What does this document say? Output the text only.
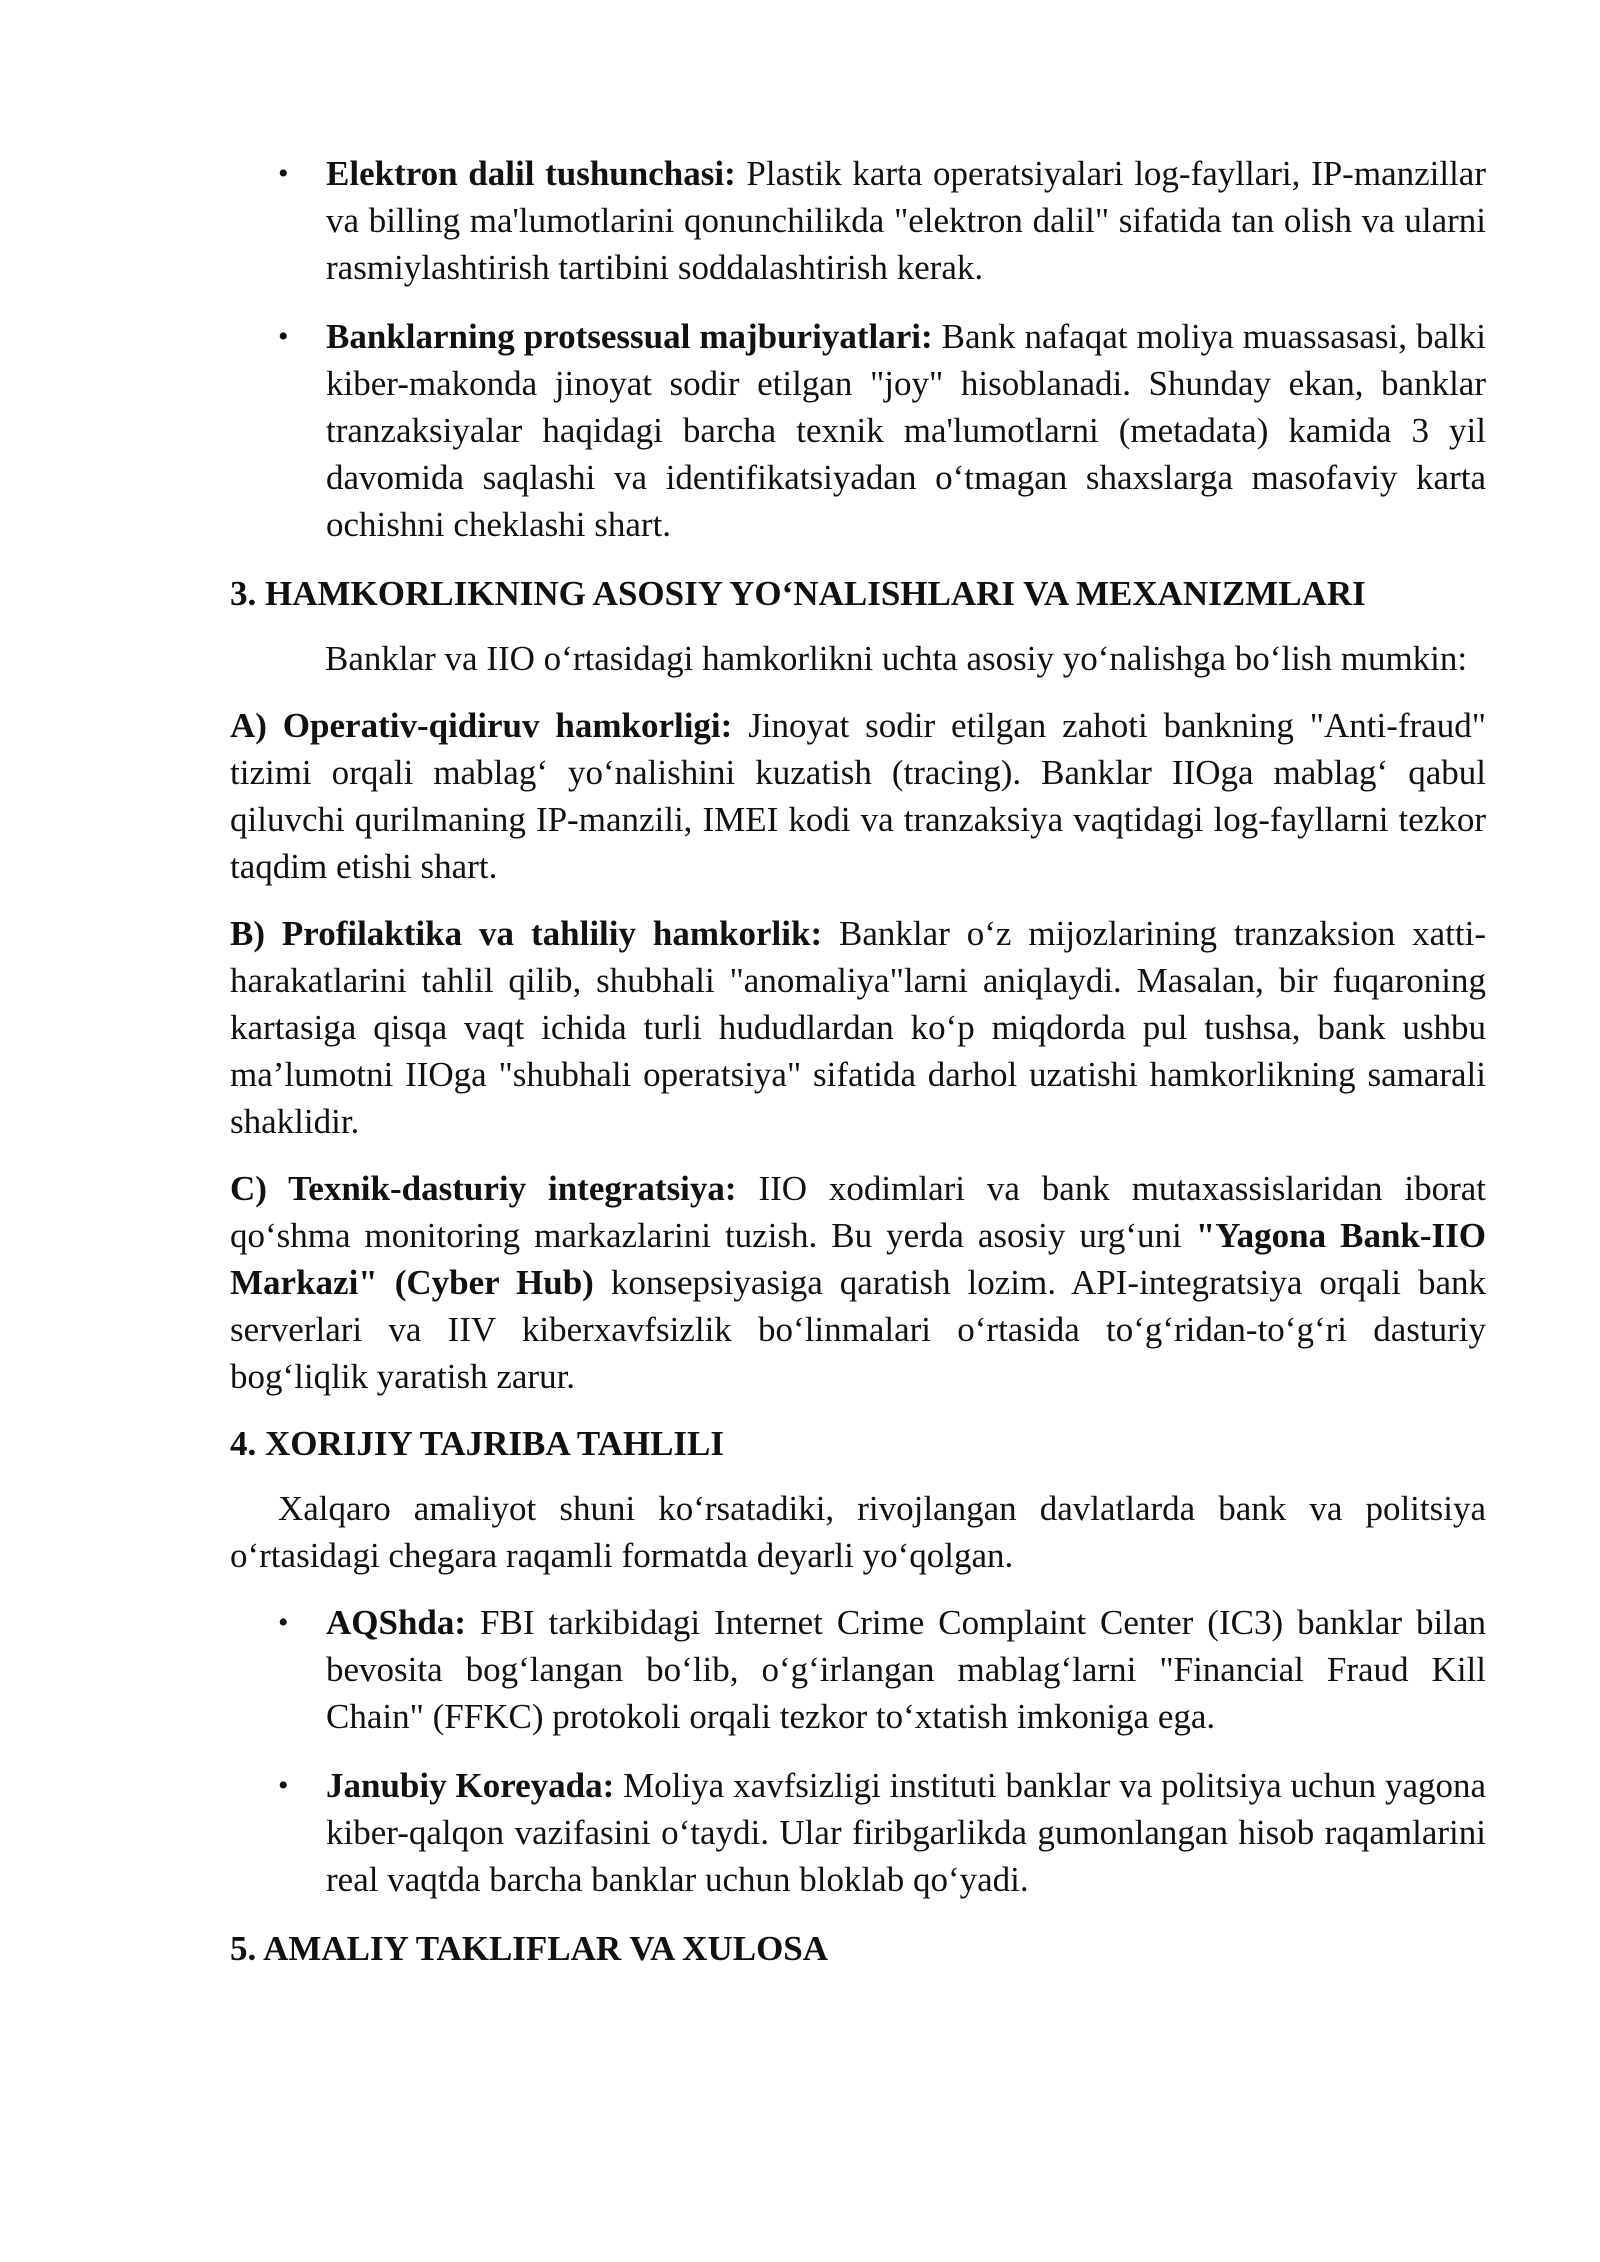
• Elektron dalil tushunchasi: Plastik karta operatsiyalari log-fayllari, IP-manzillar va billing ma'lumotlarini qonunchilikda "elektron dalil" sifatida tan olish va ularni rasmiylashtirish tartibini soddalashtirish kerak.
• Banklarning protsessual majburiyatlari: Bank nafaqat moliya muassasasi, balki kiber-makonda jinoyat sodir etilgan "joy" hisoblanadi. Shunday ekan, banklar tranzaksiyalar haqidagi barcha texnik ma'lumotlarni (metadata) kamida 3 yil davomida saqlashi va identifikatsiyadan o‘tmagan shaxslarga masofaviy karta ochishni cheklashi shart.
3. HAMKORLIKNING ASOSIY YO‘NALISHLARI VA MEXANIZMLARI

Banklar va IIO o‘rtasidagi hamkorlikni uchta asosiy yo‘nalishga bo‘lish mumkin:

A) Operativ-qidiruv hamkorligi: Jinoyat sodir etilgan zahoti bankning "Anti-fraud" tizimi orqali mablag‘ yo‘nalishini kuzatish (tracing). Banklar IIOga mablag‘ qabul qiluvchi qurilmaning IP-manzili, IMEI kodi va tranzaksiya vaqtidagi log-fayllarni tezkor taqdim etishi shart.

B) Profilaktika va tahliliy hamkorlik: Banklar o‘z mijozlarining tranzaksion xatti-harakatlarini tahlil qilib, shubhali "anomaliya"larni aniqlaydi. Masalan, bir fuqaroning kartasiga qisqa vaqt ichida turli hududlardan ko‘p miqdorda pul tushsa, bank ushbu ma’lumotni IIOga "shubhali operatsiya" sifatida darhol uzatishi hamkorlikning samarali shaklidir.

C) Texnik-dasturiy integratsiya: IIO xodimlari va bank mutaxassislaridan iborat qo‘shma monitoring markazlarini tuzish. Bu yerda asosiy urg‘uni "Yagona Bank-IIO Markazi" (Cyber Hub) konsepsiyasiga qaratish lozim. API-integratsiya orqali bank serverlari va IIV kiberxavfsizlik bo‘linmalari o‘rtasida to‘g‘ridan-to‘g‘ri dasturiy bog‘liqlik yaratish zarur.

4. XORIJIY TAJRIBA TAHLILI

Xalqaro amaliyot shuni ko‘rsatadiki, rivojlangan davlatlarda bank va politsiya o‘rtasidagi chegara raqamli formatda deyarli yo‘qolgan.

• AQShda: FBI tarkibidagi Internet Crime Complaint Center (IC3) banklar bilan bevosita bog‘langan bo‘lib, o‘g‘irlangan mablag‘larni "Financial Fraud Kill Chain" (FFKC) protokoli orqali tezkor to‘xtatish imkoniga ega.
• Janubiy Koreyada: Moliya xavfsizligi instituti banklar va politsiya uchun yagona kiber-qalqon vazifasini o‘taydi. Ular firibgarlikda gumonlangan hisob raqamlarini real vaqtda barcha banklar uchun bloklab qo‘yadi.
5. AMALIY TAKLIFLAR VA XULOSA
